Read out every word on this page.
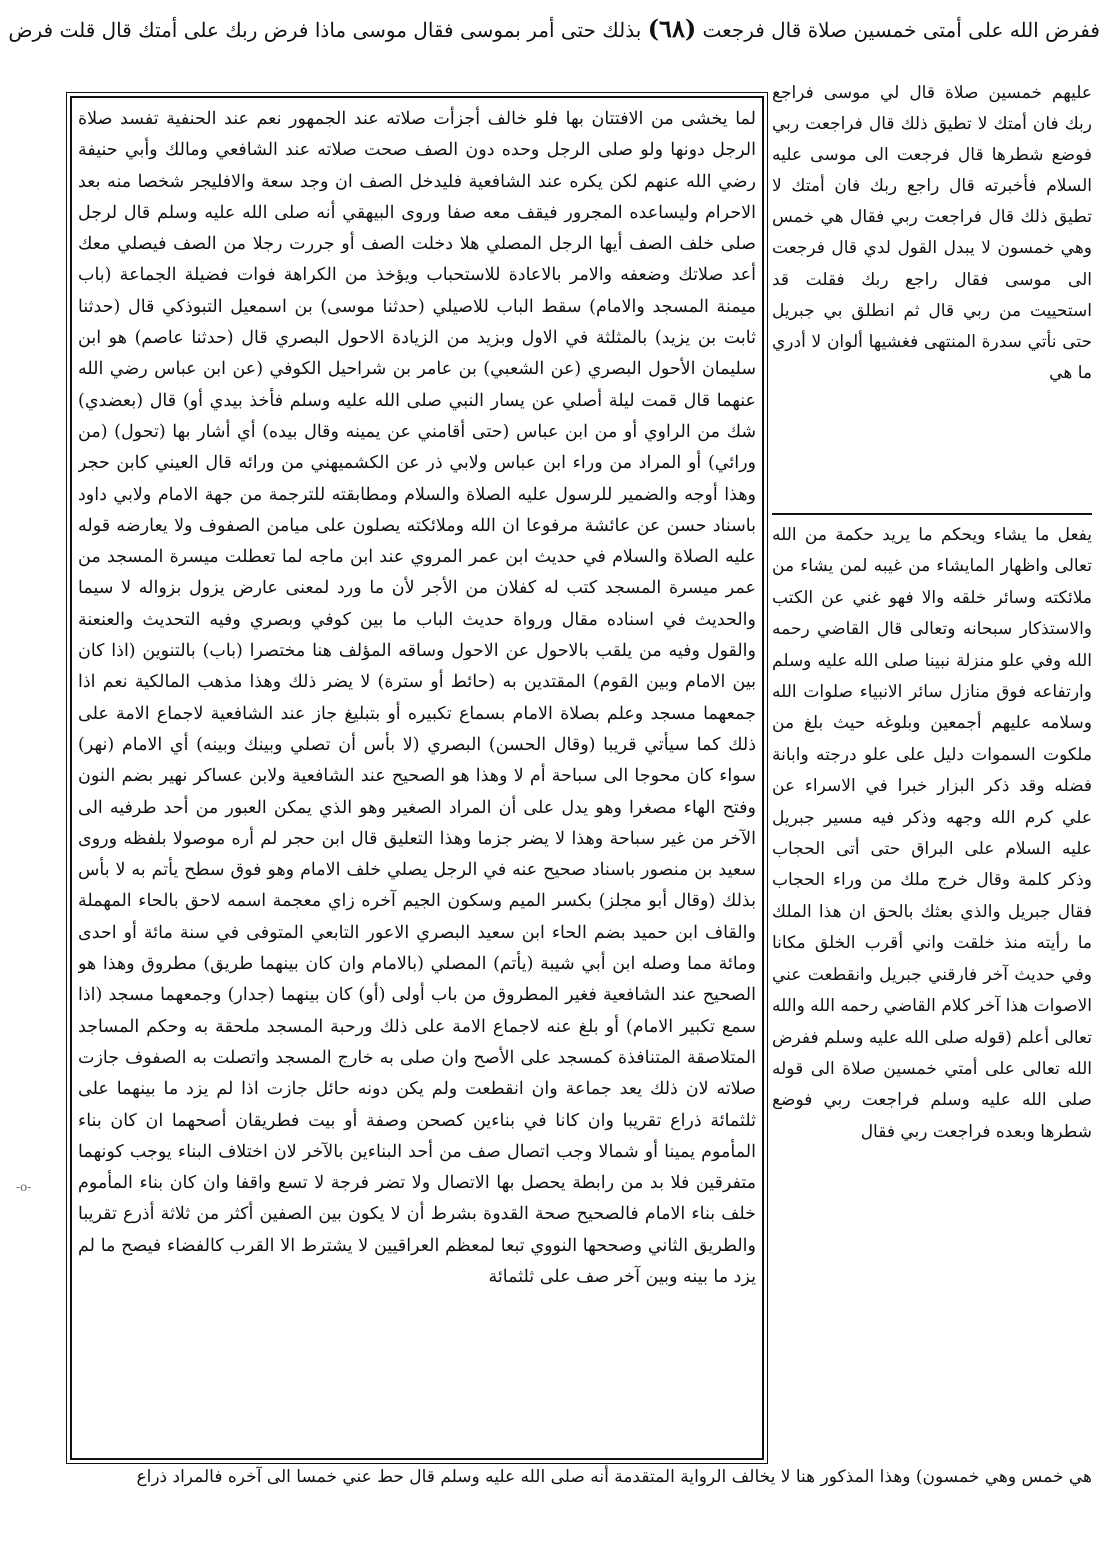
ففرض الله على أمتى خمسين صلاة قال فرجعت (٦٨) بذلك حتى أمر بموسى فقال موسى ماذا فرض ربك على أمتك قال قلت فرض
لما يخشى من الافتتان بها فلو خالف أجزأت صلاته عند الجمهور نعم عند الحنفية تفسد صلاة الرجل دونها ولو صلى الرجل وحده دون الصف صحت صلاته عند الشافعي ومالك وأبي حنيفة رضي الله عنهم لكن يكره عند الشافعية فليدخل الصف ان وجد سعة والافليجر شخصا منه بعد الاحرام وليساعده المجرور فيقف معه صفا وروى البيهقي أنه صلى الله عليه وسلم قال لرجل صلى خلف الصف أيها الرجل المصلي هلا دخلت الصف أو جررت رجلا من الصف فيصلي معك أعد صلاتك وضعفه والامر بالاعادة للاستحباب ويؤخذ من الكراهة فوات فضيلة الجماعة (باب ميمنة المسجد والامام) سقط الباب للاصيلي (حدثنا موسى) بن اسمعيل التبوذكي قال (حدثنا ثابت بن يزيد) بالمثلثة في الاول وبزيد من الزيادة الاحول البصري قال (حدثنا عاصم) هو ابن سليمان الأحول البصري (عن الشعبي) بن عامر بن شراحيل الكوفي (عن ابن عباس رضي الله عنهما قال قمت ليلة أصلي عن يسار النبي صلى الله عليه وسلم فأخذ بيدي أو) قال (بعضدي) شك من الراوي أو من ابن عباس (حتى أقامني عن يمينه وقال بيده) أي أشار بها (تحول) (من ورائي) أو المراد من وراء ابن عباس ولابي ذر عن الكشميهني من ورائه قال العيني كابن حجر وهذا أوجه والضمير للرسول عليه الصلاة والسلام ومطابقته للترجمة من جهة الامام ولابي داود باسناد حسن عن عائشة مرفوعا ان الله وملائكته يصلون على ميامن الصفوف ولا يعارضه قوله عليه الصلاة والسلام في حديث ابن عمر المروي عند ابن ماجه لما تعطلت ميسرة المسجد من عمر ميسرة المسجد كتب له كفلان من الأجر لأن ما ورد لمعنى عارض يزول بزواله لا سيما والحديث في اسناده مقال ورواة حديث الباب ما بين كوفي وبصري وفيه التحديث والعنعنة والقول وفيه من يلقب بالاحول عن الاحول وساقه المؤلف هنا مختصرا (باب) بالتنوين (اذا كان بين الامام وبين القوم) المقتدين به (حائط أو سترة) لا يضر ذلك وهذا مذهب المالكية نعم اذا جمعهما مسجد وعلم بصلاة الامام بسماع تكبيره أو بتبليغ جاز عند الشافعية لاجماع الامة على ذلك كما سيأتي قريبا (وقال الحسن) البصري (لا بأس أن تصلي وبينك وبينه) أي الامام (نهر) سواء كان محوجا الى سباحة أم لا وهذا هو الصحيح عند الشافعية ولابن عساكر نهير بضم النون وفتح الهاء مصغرا وهو يدل على أن المراد الصغير وهو الذي يمكن العبور من أحد طرفيه الى الآخر من غير سباحة وهذا لا يضر جزما وهذا التعليق قال ابن حجر لم أره موصولا بلفظه وروى سعيد بن منصور باسناد صحيح عنه في الرجل يصلي خلف الامام وهو فوق سطح يأتم به لا بأس بذلك (وقال أبو مجلز) بكسر الميم وسكون الجيم آخره زاي معجمة اسمه لاحق بالحاء المهملة والقاف ابن حميد بضم الحاء ابن سعيد البصري الاعور التابعي المتوفى في سنة مائة أو احدى ومائة مما وصله ابن أبي شيبة (يأتم) المصلي (بالامام وان كان بينهما طريق) مطروق وهذا هو الصحيح عند الشافعية فغير المطروق من باب أولى (أو) كان بينهما (جدار) وجمعهما مسجد (اذا سمع تكبير الامام) أو بلغ عنه لاجماع الامة على ذلك ورحبة المسجد ملحقة به وحكم المساجد المتلاصقة المتنافذة كمسجد على الأصح وان صلى به خارج المسجد واتصلت به الصفوف جازت صلاته لان ذلك يعد جماعة وان انقطعت ولم يكن دونه حائل جازت اذا لم يزد ما بينهما على ثلثمائة ذراع تقريبا وان كانا في بناءين كصحن وصفة أو بيت فطريقان أصحهما ان كان بناء المأموم يمينا أو شمالا وجب اتصال صف من أحد البناءين بالآخر لان اختلاف البناء يوجب كونهما متفرقين فلا بد من رابطة يحصل بها الاتصال ولا تضر فرجة لا تسع واقفا وان كان بناء المأموم خلف بناء الامام فالصحيح صحة القدوة بشرط أن لا يكون بين الصفين أكثر من ثلاثة أذرع تقريبا والطريق الثاني وصححها النووي تبعا لمعظم العراقيين لا يشترط الا القرب كالفضاء فيصح ما لم يزد ما بينه وبين آخر صف على ثلثمائة
عليهم خمسين صلاة قال لي موسى فراجع ربك فان أمتك لا تطيق ذلك قال فراجعت ربي فوضع شطرها قال فرجعت الى موسى عليه السلام فأخبرته قال راجع ربك فان أمتك لا تطيق ذلك قال فراجعت ربي فقال هي خمس وهي خمسون لا يبدل القول لدي قال فرجعت الى موسى فقال راجع ربك فقلت قد استحييت من ربي قال ثم انطلق بي جبريل حتى نأتي سدرة المنتهى فغشيها ألوان لا أدري ما هي
يفعل ما يشاء ويحكم ما يريد حكمة من الله تعالى واظهار المايشاء من غيبه لمن يشاء من ملائكته وسائر خلقه والا فهو غني عن الكتب والاستذكار سبحانه وتعالى قال القاضي رحمه الله وفي علو منزلة نبينا صلى الله عليه وسلم وارتفاعه فوق منازل سائر الانبياء صلوات الله وسلامه عليهم أجمعين وبلوغه حيث بلغ من ملكوت السموات دليل على علو درجته وابانة فضله وقد ذكر البزار خبرا في الاسراء عن علي كرم الله وجهه وذكر فيه مسير جبريل عليه السلام على البراق حتى أتى الحجاب وذكر كلمة وقال خرج ملك من وراء الحجاب فقال جبريل والذي بعثك بالحق ان هذا الملك ما رأيته منذ خلقت واني أقرب الخلق مكانا وفي حديث آخر فارقني جبريل وانقطعت عني الاصوات هذا آخر كلام القاضي رحمه الله والله تعالى أعلم (قوله صلى الله عليه وسلم ففرض الله تعالى على أمتي خمسين صلاة الى قوله صلى الله عليه وسلم فراجعت ربي فوضع شطرها وبعده فراجعت ربي فقال
هي خمس وهي خمسون) وهذا المذكور هنا لا يخالف الرواية المتقدمة أنه صلى الله عليه وسلم قال حط عني خمسا الى آخره فالمراد ذراع
-o-
